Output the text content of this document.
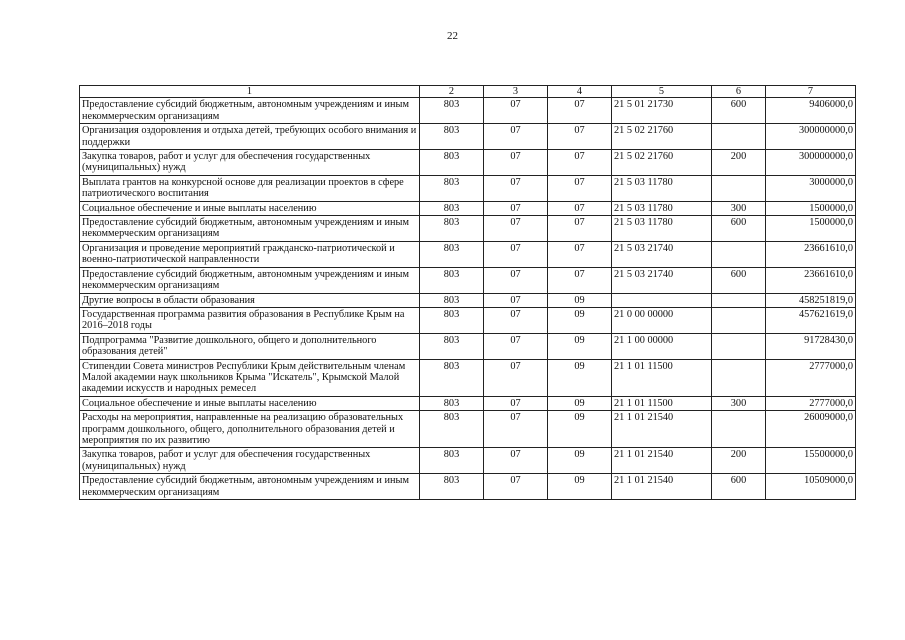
22
1	2	3	4	5	6	7
Предоставление субсидий бюджетным, автономным учреждениям и иным некоммерческим организациям	803	07	07	21 5 01 21730	600	9406000,0
Организация оздоровления и отдыха детей, требующих особого внимания и поддержки	803	07	07	21 5 02 21760		300000000,0
Закупка товаров, работ и услуг для обеспечения государственных (муниципальных) нужд	803	07	07	21 5 02 21760	200	300000000,0
Выплата грантов на конкурсной основе для реализации проектов в сфере патриотического воспитания	803	07	07	21 5 03 11780		3000000,0
Социальное обеспечение и иные выплаты населению	803	07	07	21 5 03 11780	300	1500000,0
Предоставление субсидий бюджетным, автономным учреждениям и иным некоммерческим организациям	803	07	07	21 5 03 11780	600	1500000,0
Организация и проведение мероприятий гражданско-патриотической и военно-патриотической направленности	803	07	07	21 5 03 21740		23661610,0
Предоставление субсидий бюджетным, автономным учреждениям и иным некоммерческим организациям	803	07	07	21 5 03 21740	600	23661610,0
Другие вопросы в области образования	803	07	09			458251819,0
Государственная программа развития образования в Республике Крым на 2016–2018 годы	803	07	09	21 0 00 00000		457621619,0
Подпрограмма "Развитие дошкольного, общего и дополнительного образования детей"	803	07	09	21 1 00 00000		91728430,0
Стипендии Совета министров Республики Крым действительным членам Малой академии наук школьников Крыма "Искатель", Крымской Малой академии искусств и народных ремесел	803	07	09	21 1 01 11500		2777000,0
Социальное обеспечение и иные выплаты населению	803	07	09	21 1 01 11500	300	2777000,0
Расходы на мероприятия, направленные на реализацию образовательных программ дошкольного, общего, дополнительного образования детей и мероприятия по их развитию	803	07	09	21 1 01 21540		26009000,0
Закупка товаров, работ и услуг для обеспечения государственных (муниципальных) нужд	803	07	09	21 1 01 21540	200	15500000,0
Предоставление субсидий бюджетным, автономным учреждениям и иным некоммерческим организациям	803	07	09	21 1 01 21540	600	10509000,0
